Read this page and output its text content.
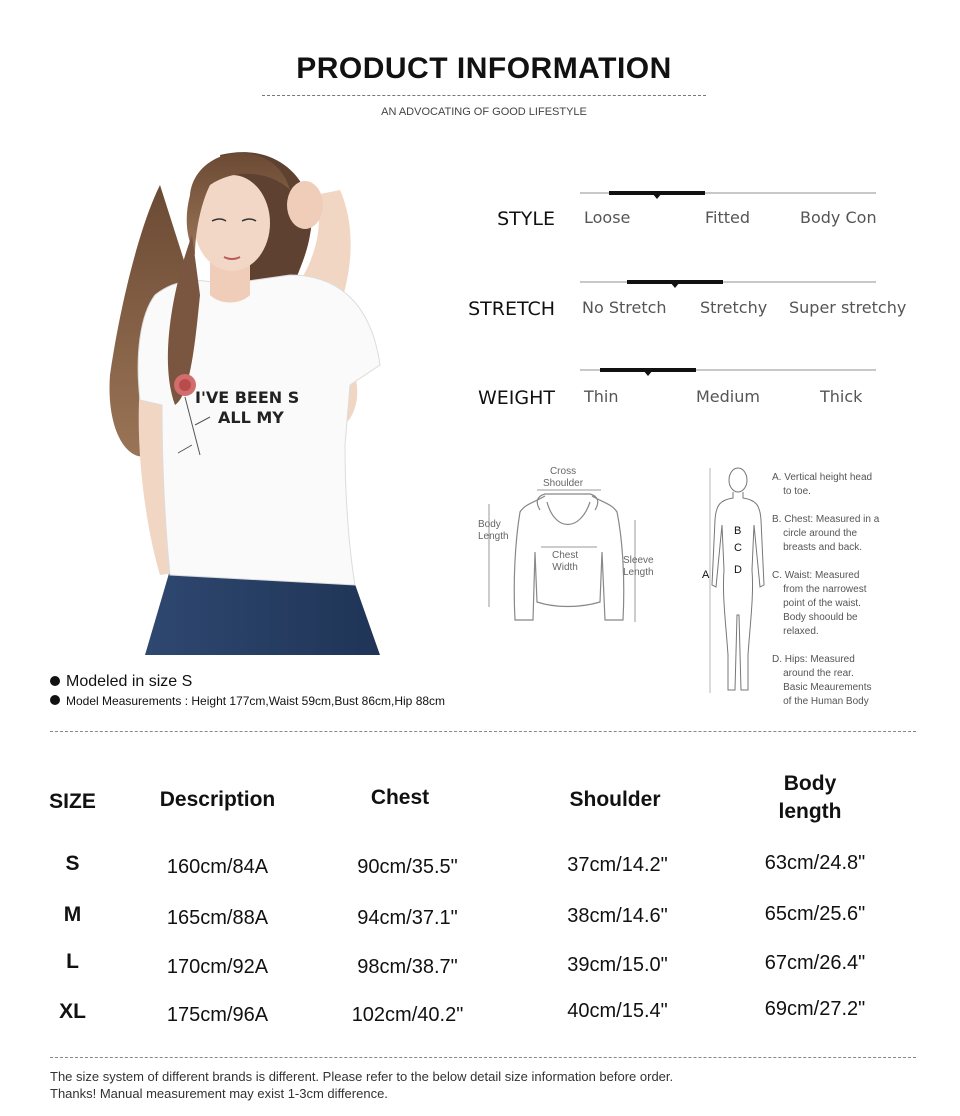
PRODUCT INFORMATION
AN ADVOCATING OF GOOD LIFESTYLE
I'VE BEEN S
ALL MY
STYLE Loose	Fitted	Body Con
STRETCH No Stretch Stretchy Super stretchy
WEIGHT Thin	Medium	Thick
Cross
Shoulder
Body
Length
Chest
Width
Sleeve
Length	A
B
C
D
A. Vertical height head
to toe.
B. Chest: Measured in a
circle around the
breasts and back.
C. Waist: Measured
from the narrowest
point of the waist.
Body shoould be
relaxed.
D. Hips: Measured
around the rear.
Basic Meaurements
of the Human Body
Modeled in size S
Model Measurements : Height 177cm,Waist 59cm,Bust 86cm,Hip 88cm
SIZE	Description	Chest	Shoulder
Body
length
S	160cm/84A	90cm/35.5"	37cm/14.2"	63cm/24.8"
M	165cm/88A	94cm/37.1"	38cm/14.6"	65cm/25.6"
L	170cm/92A	98cm/38.7"	39cm/15.0"	67cm/26.4"
XL	175cm/96A	102cm/40.2"	40cm/15.4"	69cm/27.2"
The size system of different brands is different. Please refer to the below detail size information before order.
Thanks! Manual measurement may exist 1-3cm difference.
